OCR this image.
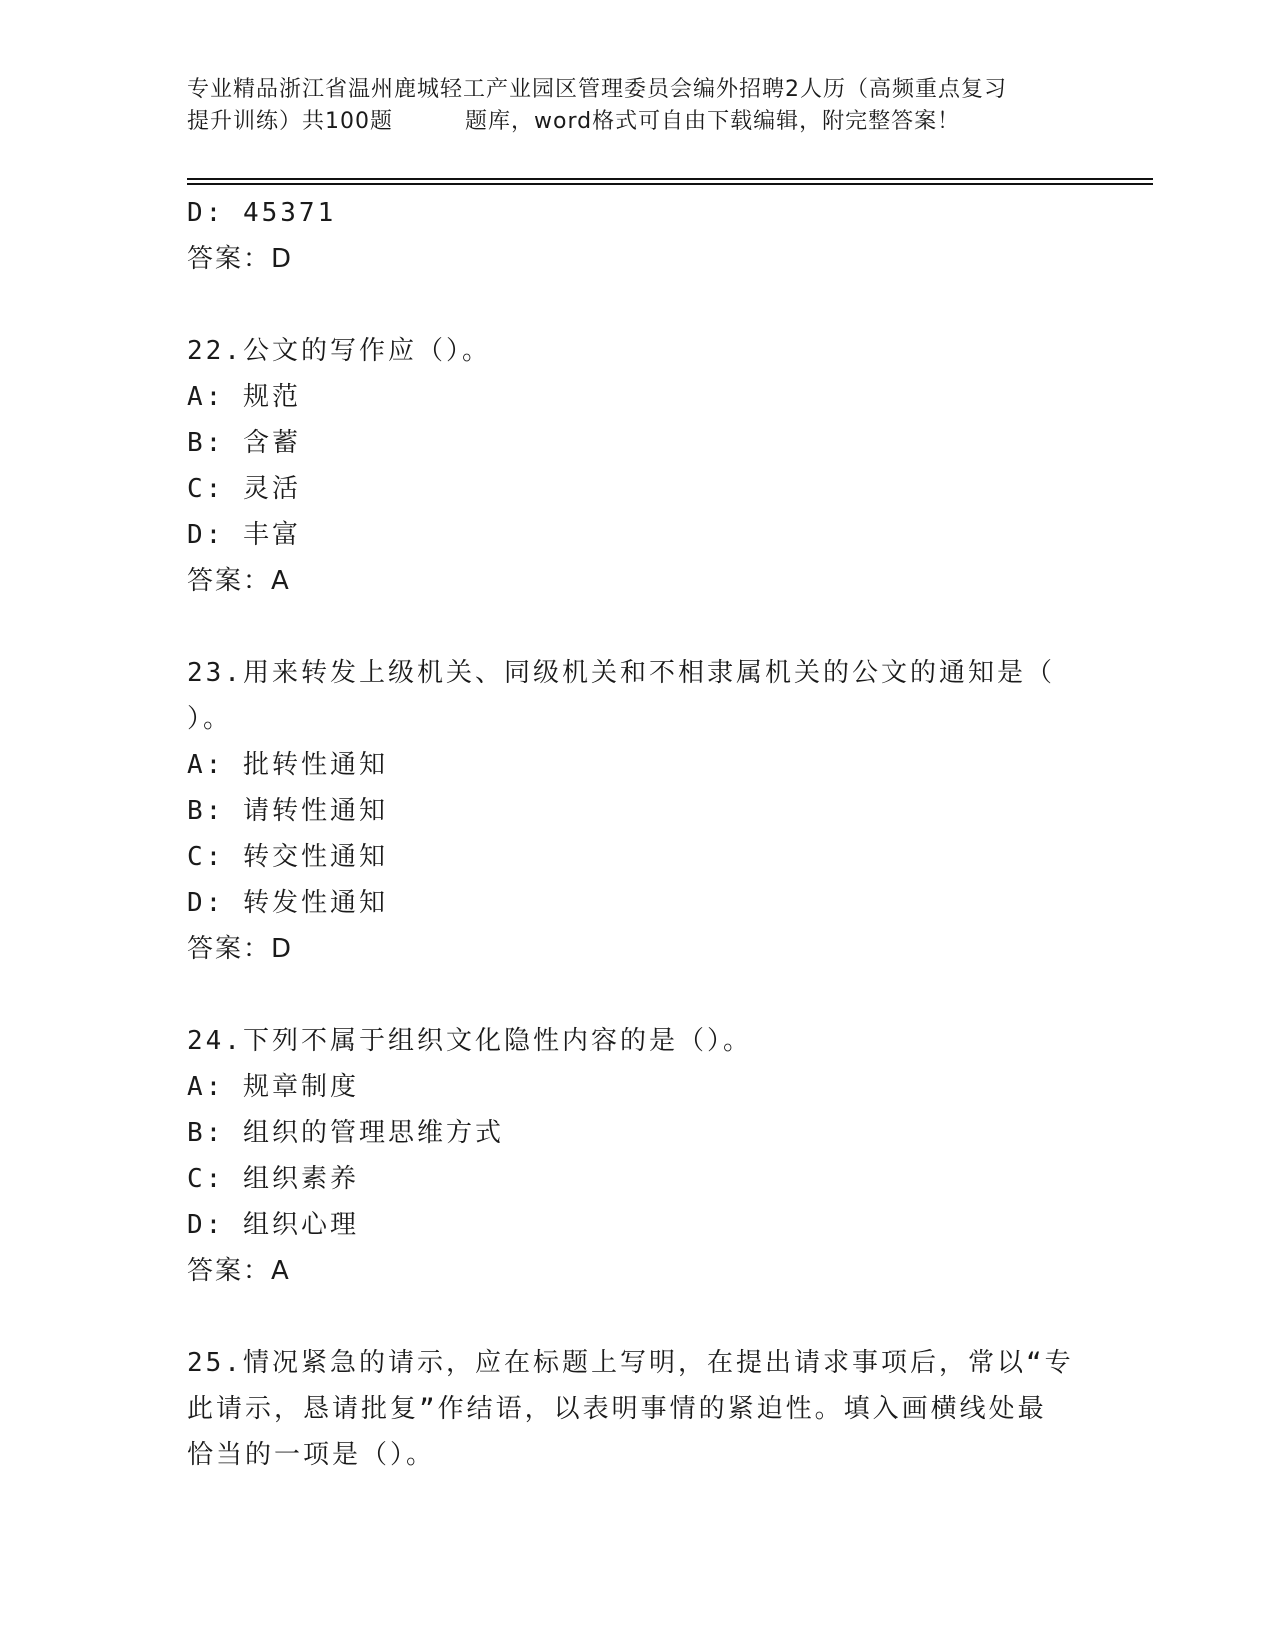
专业精品浙江省温州鹿城轻工产业园区管理委员会编外招聘2人历（高频重点复习
提升训练）共100题	题库，word格式可自由下载编辑，附完整答案！
D: 45371
答案：D
22.公文的写作应（）。
A: 规范
B: 含蓄
C: 灵活
D: 丰富
答案：A
23.用来转发上级机关、同级机关和不相隶属机关的公文的通知是（
）。
A: 批转性通知
B: 请转性通知
C: 转交性通知
D: 转发性通知
答案：D
24.下列不属于组织文化隐性内容的是（）。
A: 规章制度
B: 组织的管理思维方式
C: 组织素养
D: 组织心理
答案：A
25.情况紧急的请示，应在标题上写明，在提出请求事项后，常以“专
此请示，恳请批复”作结语，以表明事情的紧迫性。填入画横线处最
恰当的一项是（）。
